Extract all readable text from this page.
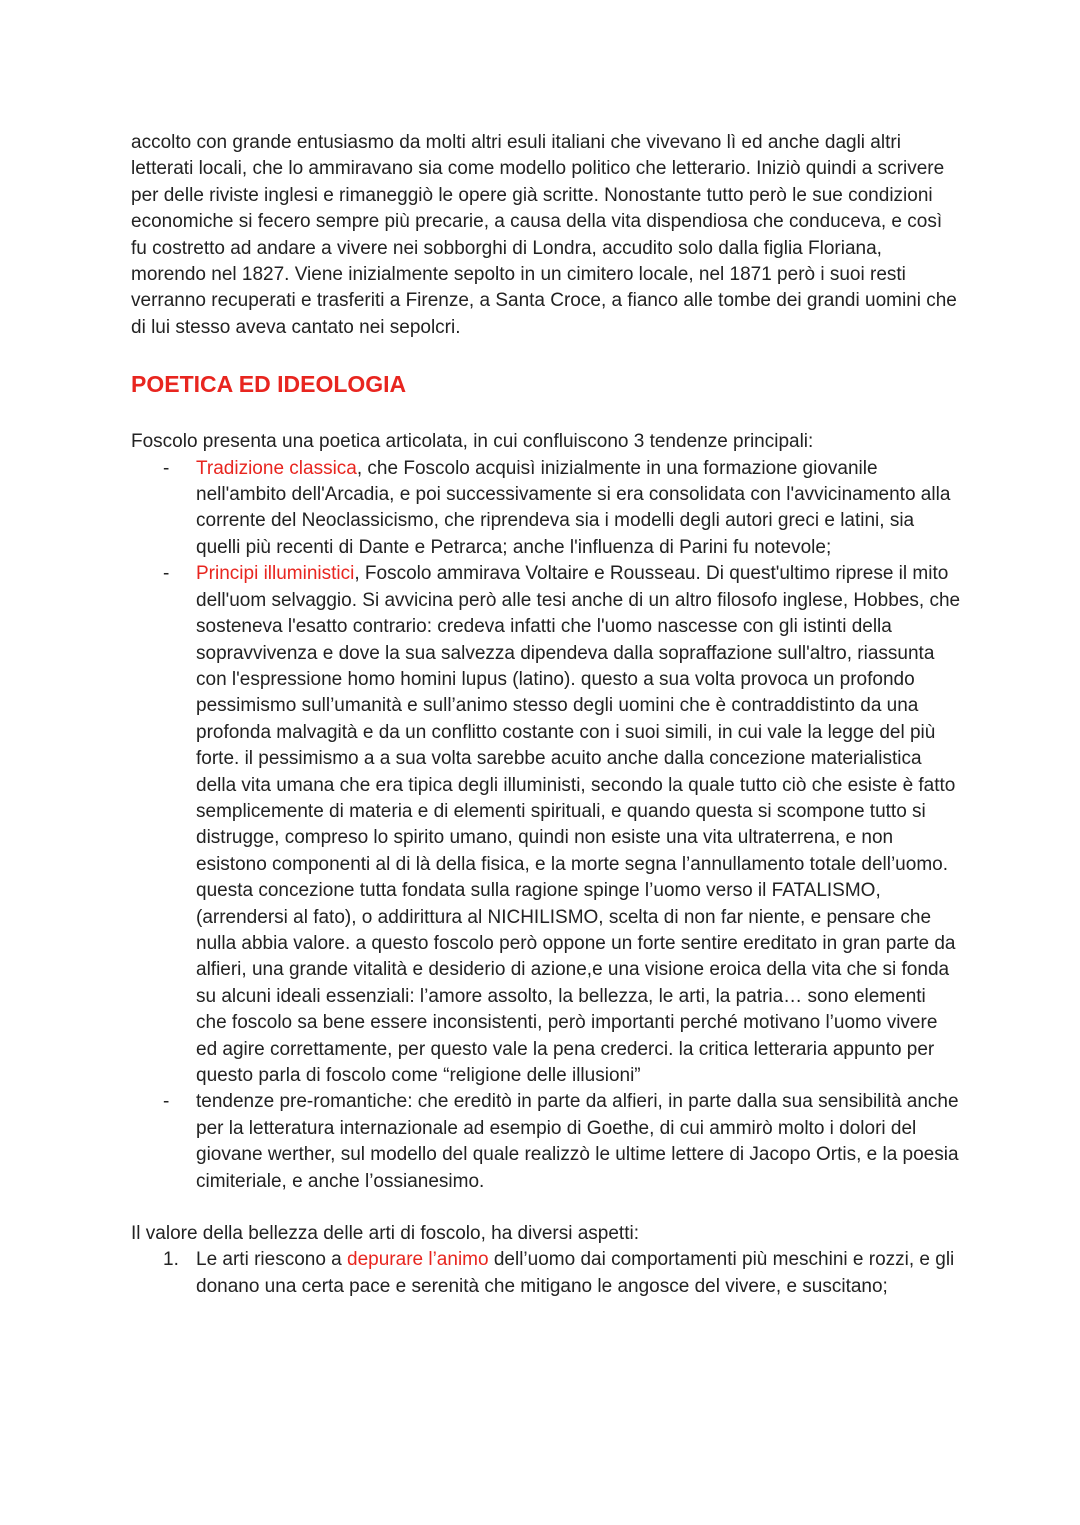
accolto con grande entusiasmo da molti altri esuli italiani che vivevano lì ed anche dagli altri letterati locali, che lo ammiravano sia come modello politico che letterario. Iniziò quindi a scrivere per delle riviste inglesi e rimaneggiò le opere già scritte. Nonostante tutto però le sue condizioni economiche si fecero sempre più precarie, a causa della vita dispendiosa che conduceva, e così fu costretto ad andare a vivere nei sobborghi di Londra, accudito solo dalla figlia Floriana, morendo nel 1827. Viene inizialmente sepolto in un cimitero locale, nel 1871 però i suoi resti verranno recuperati e trasferiti a Firenze, a Santa Croce, a fianco alle tombe dei grandi uomini che di lui stesso aveva cantato nei sepolcri.

POETICA ED IDEOLOGIA

Foscolo presenta una poetica articolata, in cui confluiscono 3 tendenze principali:

- Tradizione classica, che Foscolo acquisì inizialmente in una formazione giovanile nell'ambito dell'Arcadia, e poi successivamente si era consolidata con l'avvicinamento alla corrente del Neoclassicismo, che riprendeva sia i modelli degli autori greci e latini, sia quelli più recenti di Dante e Petrarca; anche l'influenza di Parini fu notevole;
- Principi illuministici, Foscolo ammirava Voltaire e Rousseau. Di quest'ultimo riprese il mito dell'uom selvaggio. Si avvicina però alle tesi anche di un altro filosofo inglese, Hobbes, che sosteneva l'esatto contrario: credeva infatti che l'uomo nascesse con gli istinti della sopravvivenza e dove la sua salvezza dipendeva dalla sopraffazione sull'altro, riassunta con l'espressione homo homini lupus (latino). questo a sua volta provoca un profondo pessimismo sull’umanità e sull’animo stesso degli uomini che è contraddistinto da una profonda malvagità e da un conflitto costante con i suoi simili, in cui vale la legge del più forte. il pessimismo a a sua volta sarebbe acuito anche dalla concezione materialistica della vita umana che era tipica degli illuministi, secondo la quale tutto ciò che esiste è fatto semplicemente di materia e di elementi spirituali, e quando questa si scompone tutto si distrugge, compreso lo spirito umano, quindi non esiste una vita ultraterrena, e non esistono componenti al di là della fisica, e la morte segna l’annullamento totale dell’uomo. questa concezione tutta fondata sulla ragione spinge l’uomo verso il FATALISMO, (arrendersi al fato), o addirittura al NICHILISMO, scelta di non far niente, e pensare che nulla abbia valore. a questo foscolo però oppone un forte sentire ereditato in gran parte da alfieri, una grande vitalità e desiderio di azione,e una visione eroica della vita che si fonda su alcuni ideali essenziali: l’amore assolto, la bellezza, le arti, la patria… sono elementi che foscolo sa bene essere inconsistenti, però importanti perché motivano l’uomo vivere ed agire correttamente, per questo vale la pena crederci. la critica letteraria appunto per questo parla di foscolo come “religione delle illusioni”
- tendenze pre-romantiche: che ereditò in parte da alfieri, in parte dalla sua sensibilità anche per la letteratura internazionale ad esempio di Goethe, di cui ammirò molto i dolori del giovane werther, sul modello del quale realizzò le ultime lettere di Jacopo Ortis, e la poesia cimiteriale, e anche l’ossianesimo.

Il valore della bellezza delle arti di foscolo, ha diversi aspetti:

1. Le arti riescono a depurare l’animo dell’uomo dai comportamenti più meschini e rozzi, e gli donano una certa pace e serenità che mitigano le angosce del vivere, e suscitano;
